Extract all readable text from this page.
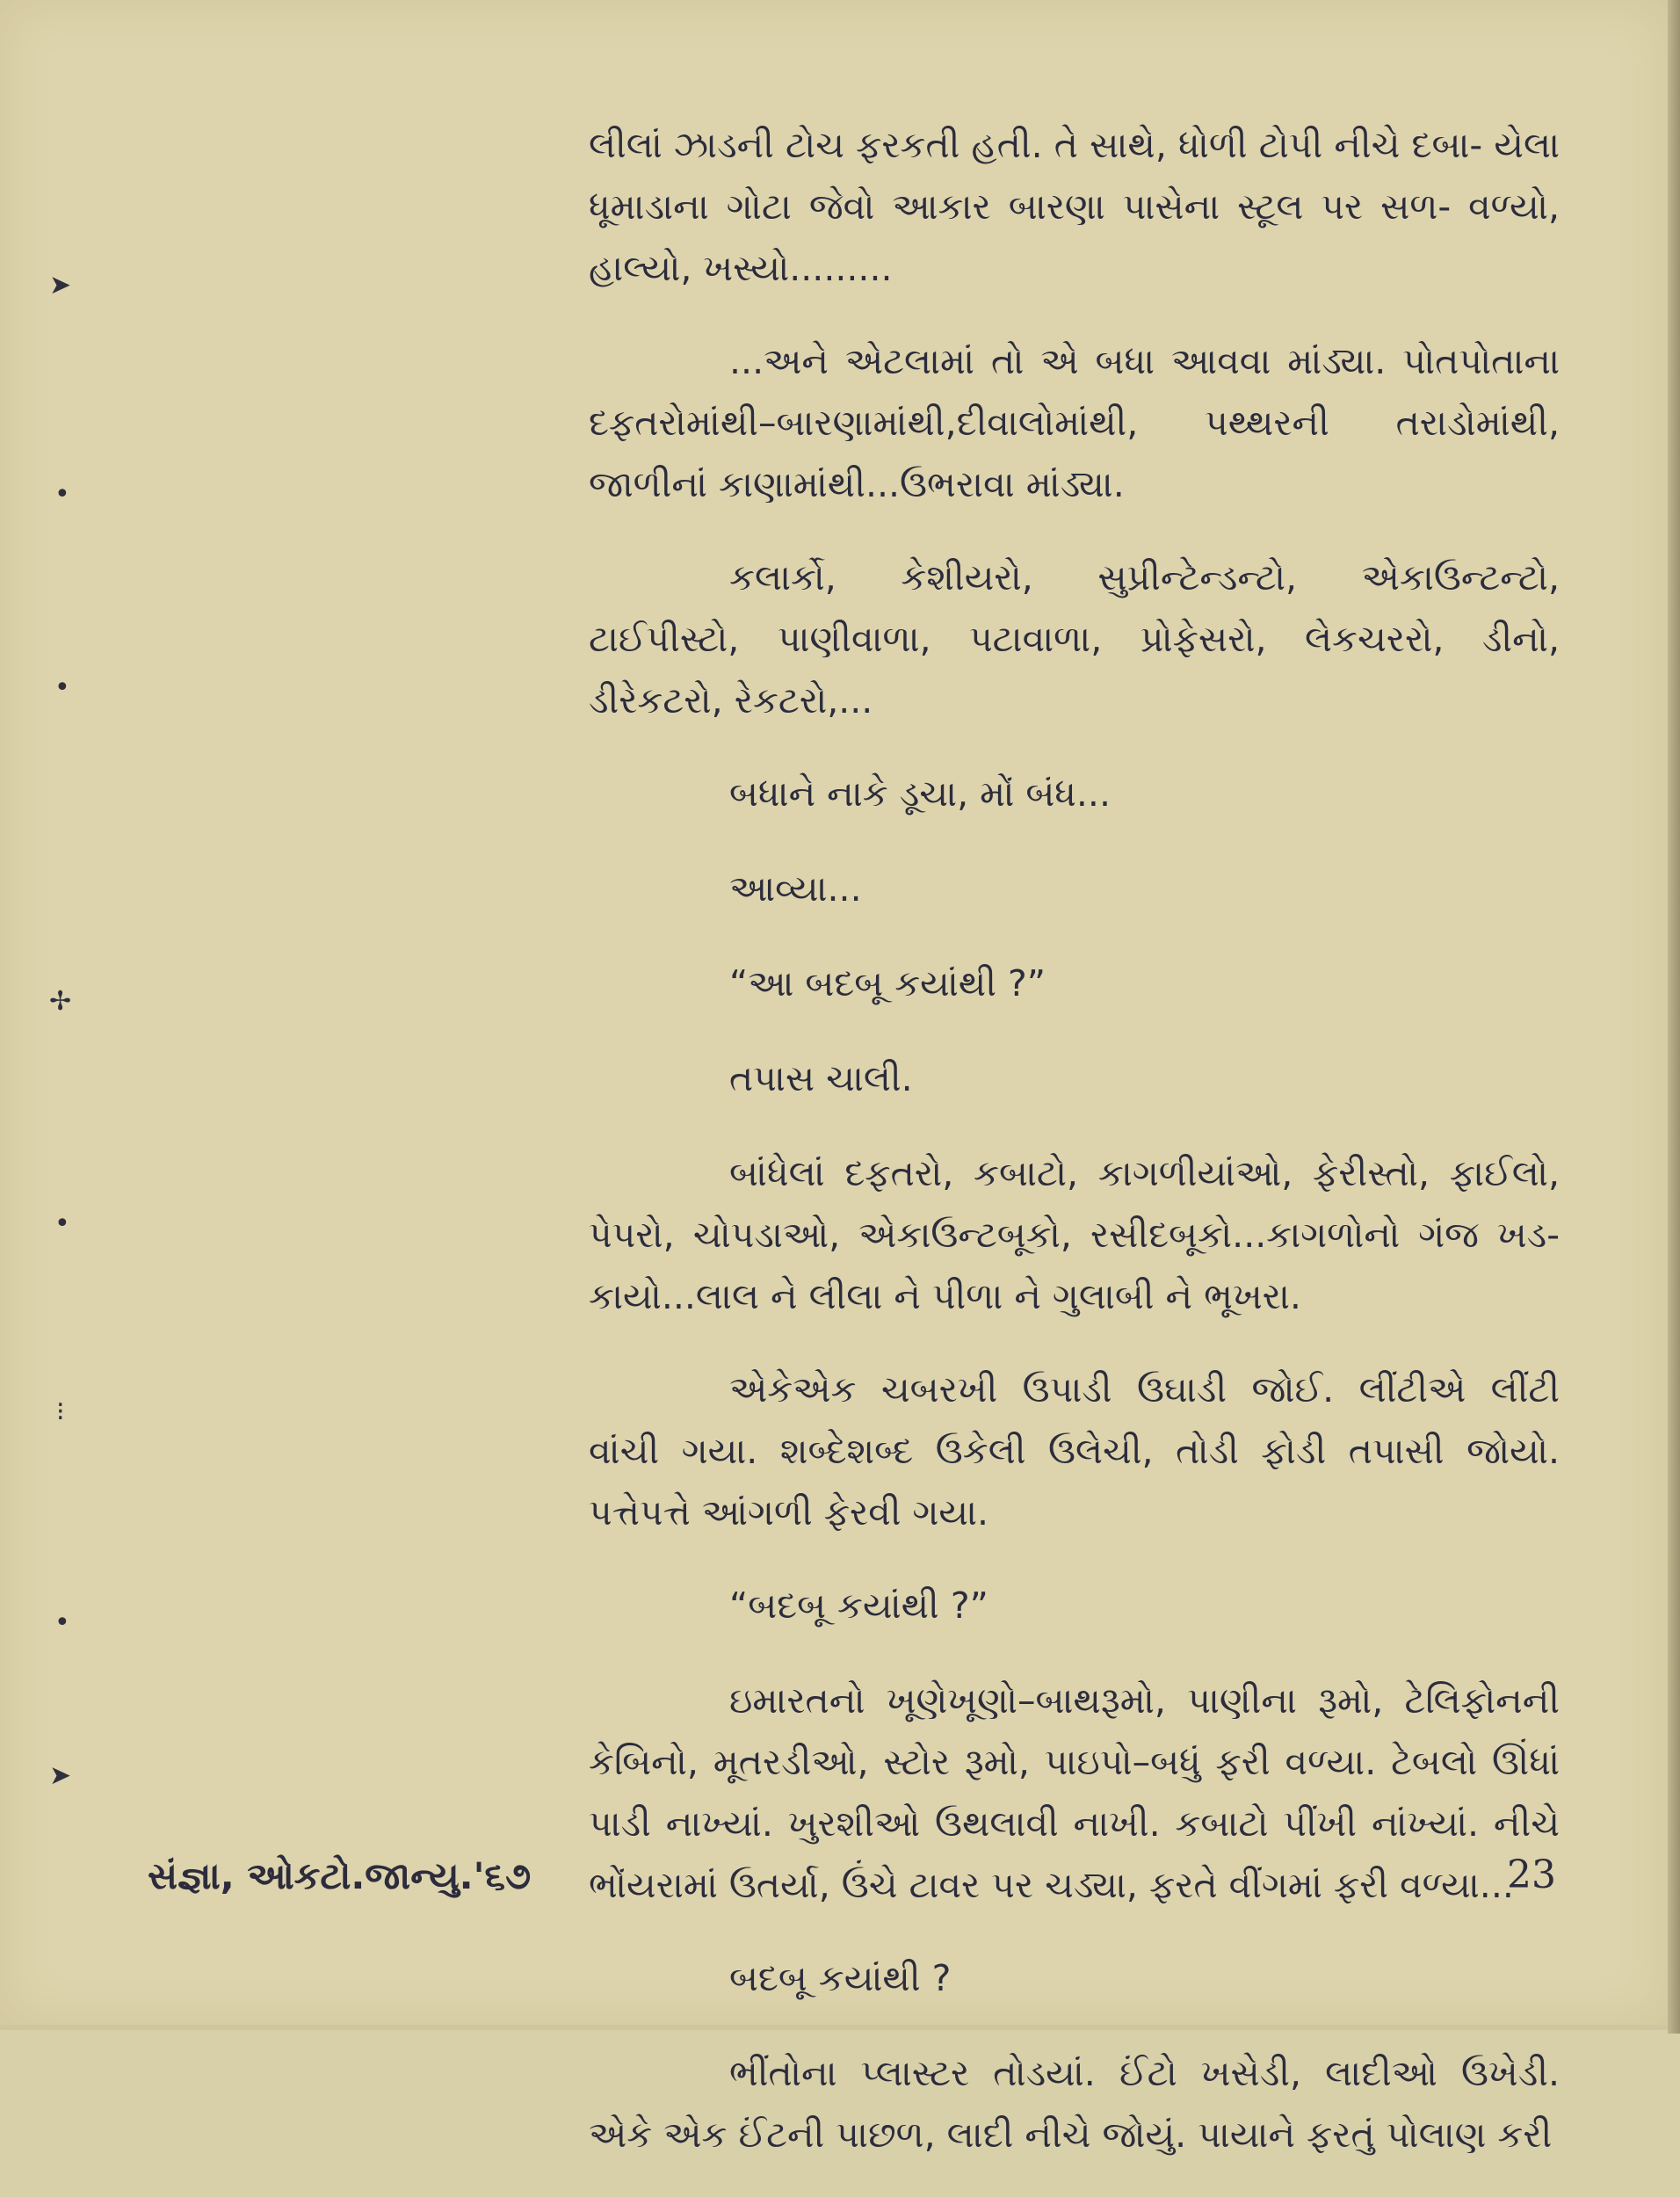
લીલાં ઝાડની ટોચ ફરકતી હતી. તે સાથે, ધોળી ટોપી નીચે દબા- યેલા ધૂમાડાના ગોટા જેવો આકાર બારણા પાસેના સ્ટૂલ પર સળ- વળ્યો, હાલ્યો, ખસ્યો.........

...અને એટલામાં તો એ બધા આવવા માંડ્યા. પોતપોતાના દફતરોમાંથી–બારણામાંથી,દીવાલોમાંથી, પથ્થરની તરાડોમાંથી, જાળીનાં કાણામાંથી...ઉભરાવા માંડ્યા.

કલાર્કો, કેશીયરો, સુપ્રીન્ટેન્ડન્ટો, એકાઉન્ટન્ટો, ટાઈપીસ્ટો, પાણીવાળા, પટાવાળા, પ્રોફેસરો, લેકચરરો, ડીનો, ડીરેકટરો, રેકટરો,...

બધાને નાકે ડૂચા, મોં બંધ...

આવ્યા...

“આ બદબૂ કયાંથી ?”

તપાસ ચાલી.

બાંધેલાં દફતરો, કબાટો, કાગળીયાંઓ, ફેરીસ્તો, ફાઈલો, પેપરો, ચોપડાઓ, એકાઉન્ટબૂકો, રસીદબૂકો...કાગળોનો ગંજ ખડ- કાયો...લાલ ને લીલા ને પીળા ને ગુલાબી ને ભૂખરા.

એકેએક ચબરખી ઉપાડી ઉઘાડી જોઈ. લીંટીએ લીંટી વાંચી ગયા. શબ્દેશબ્દ ઉકેલી ઉલેચી, તોડી ફોડી તપાસી જોયો. પત્તેપત્તે આંગળી ફેરવી ગયા.

“બદબૂ કયાંથી ?”

ઇમારતનો ખૂણેખૂણો–બાથરૂમો, પાણીના રૂમો, ટેલિફોનની કેબિનો, મૂતરડીઓ, સ્ટોર રૂમો, પાઇપો–બધું ફરી વળ્યા. ટેબલો ઊંધાં પાડી નાખ્યાં. ખુરશીઓ ઉથલાવી નાખી. કબાટો પીંખી નાંખ્યાં. નીચે ભોંયરામાં ઉતર્યા, ઉંચે ટાવર પર ચડ્યા, ફરતે વીંગમાં ફરી વળ્યા...

બદબૂ કયાંથી ?

ભીંતોના પ્લાસ્ટર તોડયાં. ઈંટો ખસેડી, લાદીઓ ઉખેડી. એકે એક ઈંટની પાછળ, લાદી નીચે જોયું. પાયાને ફરતું પોલાણ કરી

➤
•
•
✢
•
⁝
•
➤
સંજ્ઞા, ઓકટો.જાન્યુ.'૬૭	23
